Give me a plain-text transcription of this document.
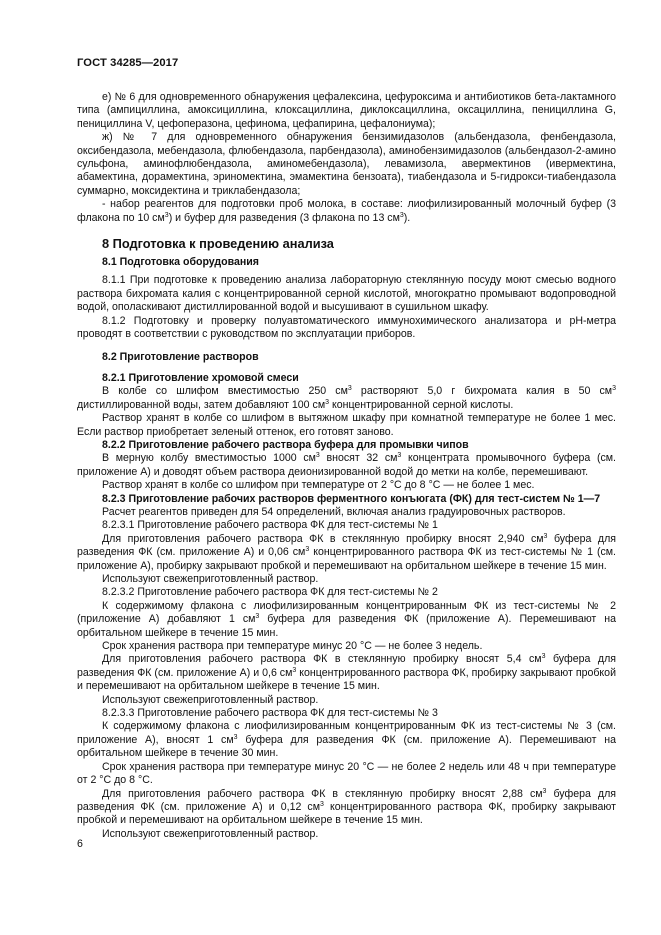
ГОСТ 34285—2017

е) № 6 для одновременного обнаружения цефалексина, цефуроксима и антибиотиков бета-лактамного типа (ампициллина, амоксициллина, клоксациллина, диклоксациллина, оксациллина, пенициллина G, пенициллина V, цефоперазона, цефинома, цефапирина, цефалониума);

ж) № 7 для одновременного обнаружения бензимидазолов (альбендазола, фенбендазола, оксибендазола, мебендазола, флюбендазола, парбендазола), аминобензимидазолов (альбендазол-2-амино сульфона, аминофлюбендазола, аминомебендазола), левамизола, авермектинов (ивермектина, абамектина, дорамектина, эриномектина, эмамектина бензоата), тиабендазола и 5-гидрокси-тиабендазола суммарно, моксидектина и триклабендазола;

- набор реагентов для подготовки проб молока, в составе: лиофилизированный молочный буфер (3 флакона по 10 $см^3$) и буфер для разведения (3 флакона по 13 $см^3$).

8 Подготовка к проведению анализа
8.1 Подготовка оборудования

8.1.1 При подготовке к проведению анализа лабораторную стеклянную посуду моют смесью водного раствора бихромата калия с концентрированной серной кислотой, многократно промывают водопроводной водой, ополаскивают дистиллированной водой и высушивают в сушильном шкафу.

8.1.2 Подготовку и проверку полуавтоматического иммунохимического анализатора и рН-метра проводят в соответствии с руководством по эксплуатации приборов.

8.2 Приготовление растворов
8.2.1 Приготовление хромовой смеси

В колбе со шлифом вместимостью 250 $см^3$ растворяют 5,0 г бихромата калия в 50 $см^3$ дистиллированной воды, затем добавляют 100 $см^3$ концентрированной серной кислоты.

Раствор хранят в колбе со шлифом в вытяжном шкафу при комнатной температуре не более 1 мес. Если раствор приобретает зеленый оттенок, его готовят заново.

8.2.2 Приготовление рабочего раствора буфера для промывки чипов

В мерную колбу вместимостью 1000 $см^3$ вносят 32 $см^3$ концентрата промывочного буфера (см. приложение А) и доводят объем раствора деионизированной водой до метки на колбе, перемешивают.

Раствор хранят в колбе со шлифом при температуре от 2 °С до 8 °С — не более 1 мес.

8.2.3 Приготовление рабочих растворов ферментного конъюгата (ФК) для тест-систем № 1—7

Расчет реагентов приведен для 54 определений, включая анализ градуировочных растворов.

8.2.3.1 Приготовление рабочего раствора ФК для тест-системы № 1

Для приготовления рабочего раствора ФК в стеклянную пробирку вносят 2,940 $см^3$ буфера для разведения ФК (см. приложение А) и 0,06 $см^3$ концентрированного раствора ФК из тест-системы № 1 (см. приложение А), пробирку закрывают пробкой и перемешивают на орбитальном шейкере в течение 15 мин.

Используют свежеприготовленный раствор.

8.2.3.2 Приготовление рабочего раствора ФК для тест-системы № 2

К содержимому флакона с лиофилизированным концентрированным ФК из тест-системы № 2 (приложение А) добавляют 1 $см^3$ буфера для разведения ФК (приложение А). Перемешивают на орбитальном шейкере в течение 15 мин.

Срок хранения раствора при температуре минус 20 °С — не более 3 недель.

Для приготовления рабочего раствора ФК в стеклянную пробирку вносят 5,4 $см^3$ буфера для разведения ФК (см. приложение А) и 0,6 $см^3$ концентрированного раствора ФК, пробирку закрывают пробкой и перемешивают на орбитальном шейкере в течение 15 мин.

Используют свежеприготовленный раствор.

8.2.3.3 Приготовление рабочего раствора ФК для тест-системы № 3

К содержимому флакона с лиофилизированным концентрированным ФК из тест-системы № 3 (см. приложение А), вносят 1 $см^3$ буфера для разведения ФК (см. приложение А). Перемешивают на орбитальном шейкере в течение 30 мин.

Срок хранения раствора при температуре минус 20 °С — не более 2 недель или 48 ч при температуре от 2 °С до 8 °С.

Для приготовления рабочего раствора ФК в стеклянную пробирку вносят 2,88 $см^3$ буфера для разведения ФК (см. приложение А) и 0,12 $см^3$ концентрированного раствора ФК, пробирку закрывают пробкой и перемешивают на орбитальном шейкере в течение 15 мин.

Используют свежеприготовленный раствор.

6
